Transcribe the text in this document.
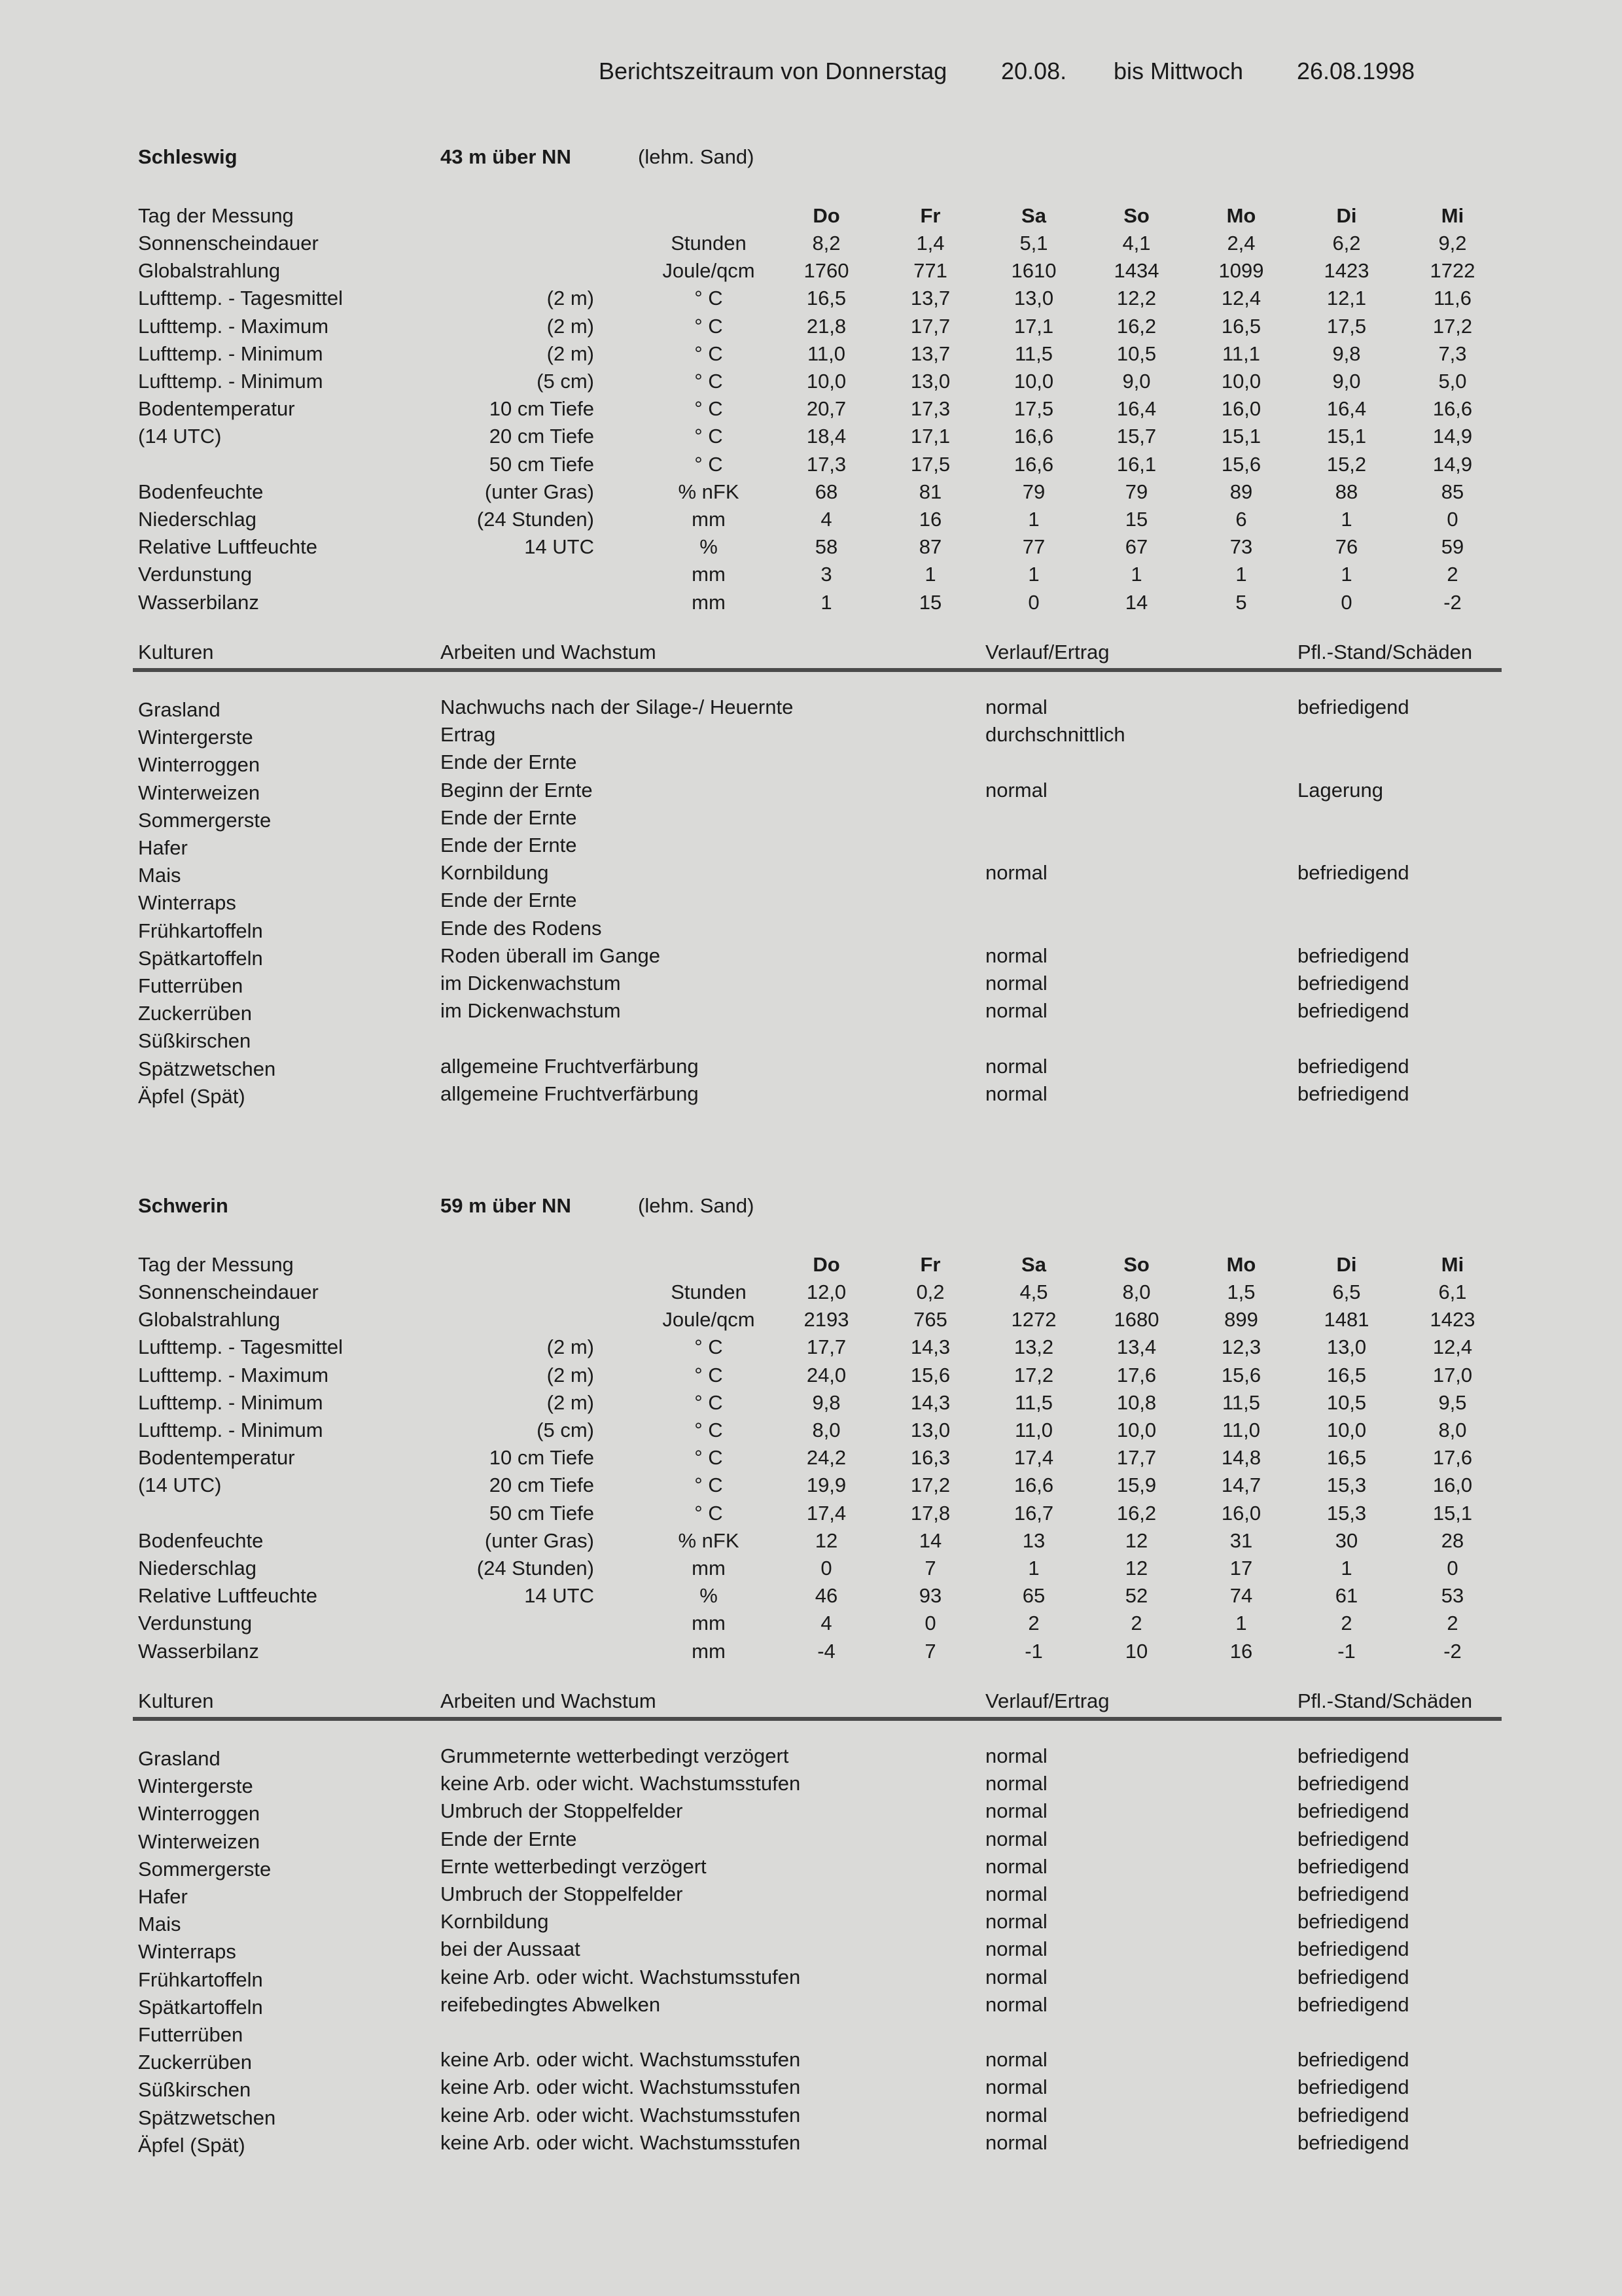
Berichtszeitraum von Donnerstag

20.08.

bis Mittwoch

26.08.1998

Schleswig	43 m über NN	(lehm. Sand)
Tag der Messung	Do	Fr	Sa	So	Mo	Di	Mi
Sonnenscheindauer	Stunden	8,2	1,4	5,1	4,1	2,4	6,2	9,2
Globalstrahlung	Joule/qcm	1760	771	1610	1434	1099	1423	1722
Lufttemp. - Tagesmittel	(2 m)	° C	16,5	13,7	13,0	12,2	12,4	12,1	11,6
Lufttemp. - Maximum	(2 m)	° C	21,8	17,7	17,1	16,2	16,5	17,5	17,2
Lufttemp. - Minimum	(2 m)	° C	11,0	13,7	11,5	10,5	11,1	9,8	7,3
Lufttemp. - Minimum	(5 cm)	° C	10,0	13,0	10,0	9,0	10,0	9,0	5,0
Bodentemperatur	10 cm Tiefe	° C	20,7	17,3	17,5	16,4	16,0	16,4	16,6
(14 UTC)	20 cm Tiefe	° C	18,4	17,1	16,6	15,7	15,1	15,1	14,9
50 cm Tiefe	° C	17,3	17,5	16,6	16,1	15,6	15,2	14,9
Bodenfeuchte	(unter Gras)	% nFK	68	81	79	79	89	88	85
Niederschlag	(24 Stunden)	mm	4	16	1	15	6	1	0
Relative Luftfeuchte	14 UTC	%	58	87	77	67	73	76	59
Verdunstung	mm	3	1	1	1	1	1	2
Wasserbilanz	mm	1	15	0	14	5	0	-2
Kulturen	Arbeiten und Wachstum	Verlauf/Ertrag	Pfl.-Stand/Schäden
Grasland	Nachwuchs nach der Silage-/ Heuernte	normal	befriedigend
Wintergerste	Ertrag	durchschnittlich
Winterroggen	Ende der Ernte
Winterweizen	Beginn der Ernte	normal	Lagerung
Sommergerste	Ende der Ernte
Hafer	Ende der Ernte
Mais	Kornbildung	normal	befriedigend
Winterraps	Ende der Ernte
Frühkartoffeln	Ende des Rodens
Spätkartoffeln	Roden überall im Gange	normal	befriedigend
Futterrüben	im Dickenwachstum	normal	befriedigend
Zuckerrüben	im Dickenwachstum	normal	befriedigend
Süßkirschen
Spätzwetschen	allgemeine Fruchtverfärbung	normal	befriedigend
Äpfel (Spät)	allgemeine Fruchtverfärbung	normal	befriedigend
Schwerin	59 m über NN	(lehm. Sand)
Tag der Messung	Do	Fr	Sa	So	Mo	Di	Mi
Sonnenscheindauer	Stunden	12,0	0,2	4,5	8,0	1,5	6,5	6,1
Globalstrahlung	Joule/qcm	2193	765	1272	1680	899	1481	1423
Lufttemp. - Tagesmittel	(2 m)	° C	17,7	14,3	13,2	13,4	12,3	13,0	12,4
Lufttemp. - Maximum	(2 m)	° C	24,0	15,6	17,2	17,6	15,6	16,5	17,0
Lufttemp. - Minimum	(2 m)	° C	9,8	14,3	11,5	10,8	11,5	10,5	9,5
Lufttemp. - Minimum	(5 cm)	° C	8,0	13,0	11,0	10,0	11,0	10,0	8,0
Bodentemperatur	10 cm Tiefe	° C	24,2	16,3	17,4	17,7	14,8	16,5	17,6
(14 UTC)	20 cm Tiefe	° C	19,9	17,2	16,6	15,9	14,7	15,3	16,0
50 cm Tiefe	° C	17,4	17,8	16,7	16,2	16,0	15,3	15,1
Bodenfeuchte	(unter Gras)	% nFK	12	14	13	12	31	30	28
Niederschlag	(24 Stunden)	mm	0	7	1	12	17	1	0
Relative Luftfeuchte	14 UTC	%	46	93	65	52	74	61	53
Verdunstung	mm	4	0	2	2	1	2	2
Wasserbilanz	mm	-4	7	-1	10	16	-1	-2
Kulturen	Arbeiten und Wachstum	Verlauf/Ertrag	Pfl.-Stand/Schäden
Grasland	Grummeternte wetterbedingt verzögert	normal	befriedigend
Wintergerste	keine Arb. oder wicht. Wachstumsstufen	normal	befriedigend
Winterroggen	Umbruch der Stoppelfelder	normal	befriedigend
Winterweizen	Ende der Ernte	normal	befriedigend
Sommergerste	Ernte wetterbedingt verzögert	normal	befriedigend
Hafer	Umbruch der Stoppelfelder	normal	befriedigend
Mais	Kornbildung	normal	befriedigend
Winterraps	bei der Aussaat	normal	befriedigend
Frühkartoffeln	keine Arb. oder wicht. Wachstumsstufen	normal	befriedigend
Spätkartoffeln	reifebedingtes Abwelken	normal	befriedigend
Futterrüben
Zuckerrüben	keine Arb. oder wicht. Wachstumsstufen	normal	befriedigend
Süßkirschen	keine Arb. oder wicht. Wachstumsstufen	normal	befriedigend
Spätzwetschen	keine Arb. oder wicht. Wachstumsstufen	normal	befriedigend
Äpfel (Spät)	keine Arb. oder wicht. Wachstumsstufen	normal	befriedigend
